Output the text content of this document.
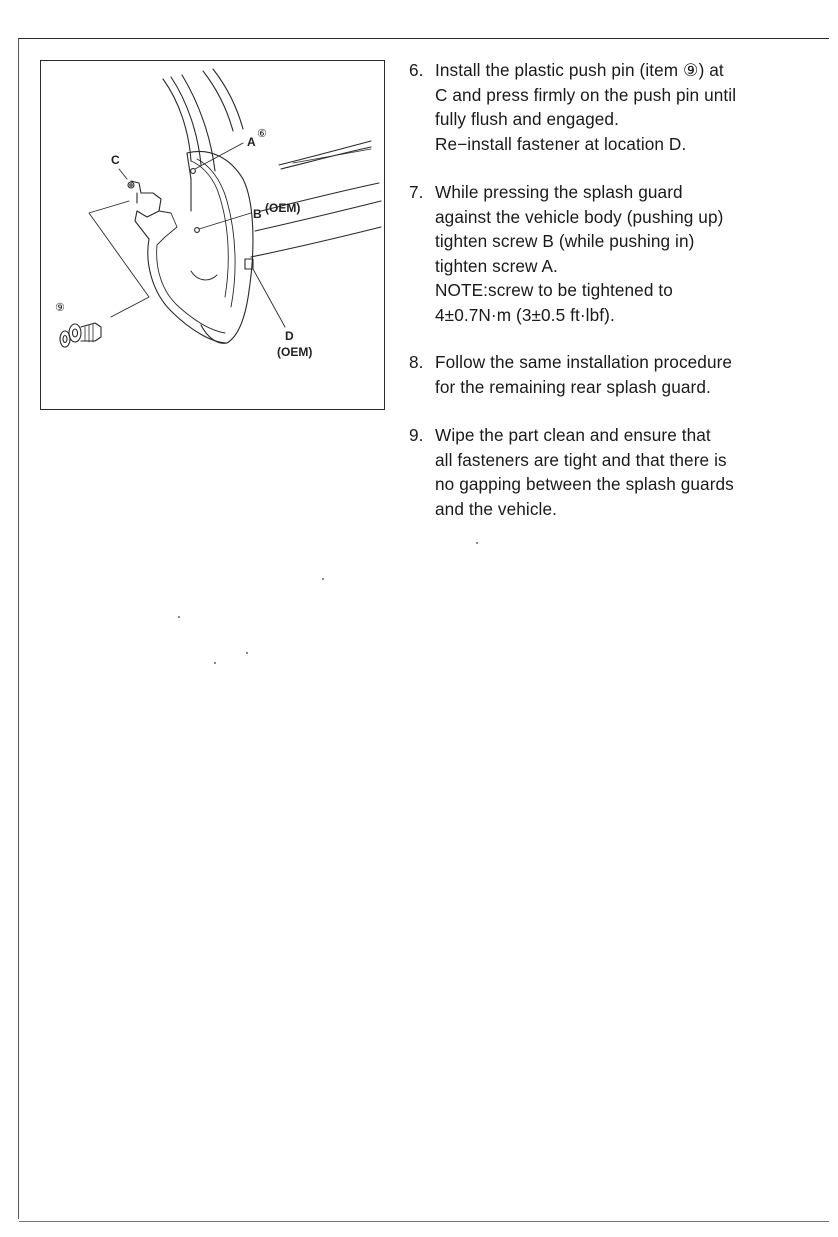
C
A
⑥
B (OEM)
D
(OEM)
⑨
6. Install the plastic push pin (item ⑨) at
C and press firmly on the push pin until
fully flush and engaged.
Re−install fastener at location D.
7. While pressing the splash guard
against the vehicle body (pushing up)
tighten screw B (while pushing in)
tighten screw A.
NOTE:screw to be tightened to
4±0.7N·m (3±0.5 ft·lbf).
8. Follow the same installation procedure
for the remaining rear splash guard.
9. Wipe the part clean and ensure that
all fasteners are tight and that there is
no gapping between the splash guards
and the vehicle.
